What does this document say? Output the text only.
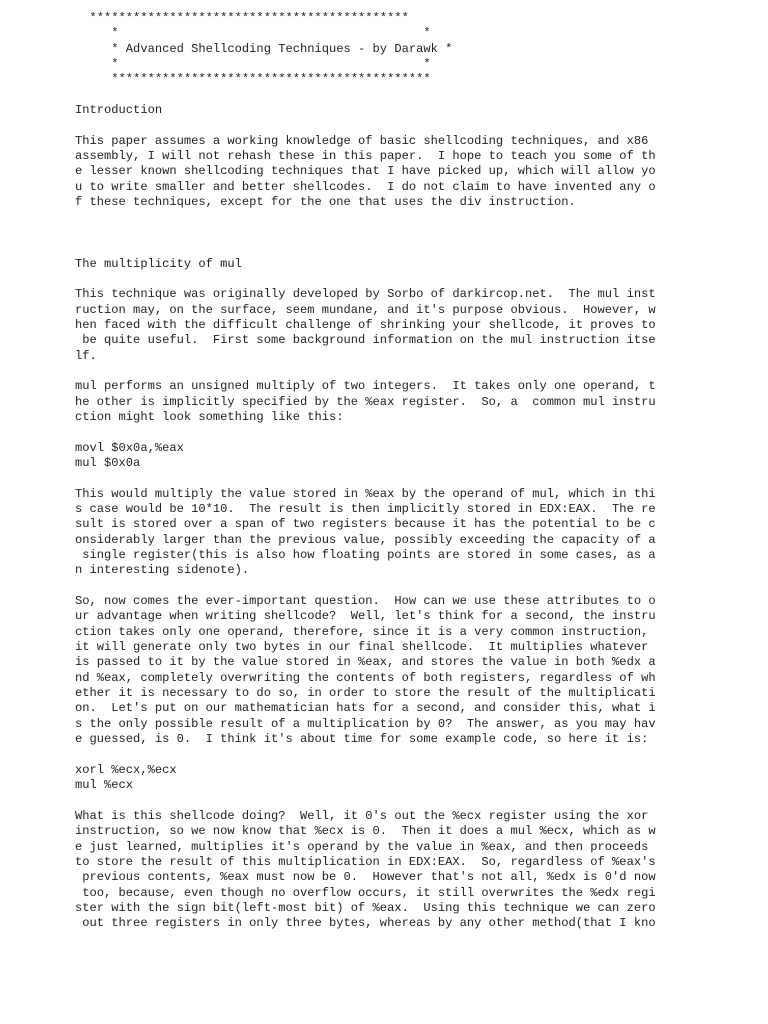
********************************************
*                                          *
* Advanced Shellcoding Techniques - by Darawk *
*                                          *
********************************************
Introduction
This paper assumes a working knowledge of basic shellcoding techniques, and x86
assembly, I will not rehash these in this paper.  I hope to teach you some of th
e lesser known shellcoding techniques that I have picked up, which will allow yo
u to write smaller and better shellcodes.  I do not claim to have invented any o
f these techniques, except for the one that uses the div instruction.
The multiplicity of mul
This technique was originally developed by Sorbo of darkircop.net.  The mul inst
ruction may, on the surface, seem mundane, and it's purpose obvious.  However, w
hen faced with the difficult challenge of shrinking your shellcode, it proves to
be quite useful.  First some background information on the mul instruction itse
lf.
mul performs an unsigned multiply of two integers.  It takes only one operand, t
he other is implicitly specified by the %eax register.  So, a  common mul instru
ction might look something like this:
movl $0x0a,%eax
mul $0x0a
This would multiply the value stored in %eax by the operand of mul, which in thi
s case would be 10*10.  The result is then implicitly stored in EDX:EAX.  The re
sult is stored over a span of two registers because it has the potential to be c
onsiderably larger than the previous value, possibly exceeding the capacity of a
single register(this is also how floating points are stored in some cases, as a
n interesting sidenote).
So, now comes the ever-important question.  How can we use these attributes to o
ur advantage when writing shellcode?  Well, let's think for a second, the instru
ction takes only one operand, therefore, since it is a very common instruction,
it will generate only two bytes in our final shellcode.  It multiplies whatever
is passed to it by the value stored in %eax, and stores the value in both %edx a
nd %eax, completely overwriting the contents of both registers, regardless of wh
ether it is necessary to do so, in order to store the result of the multiplicati
on.  Let's put on our mathematician hats for a second, and consider this, what i
s the only possible result of a multiplication by 0?  The answer, as you may hav
e guessed, is 0.  I think it's about time for some example code, so here it is:
xorl %ecx,%ecx
mul %ecx
What is this shellcode doing?  Well, it 0's out the %ecx register using the xor
instruction, so we now know that %ecx is 0.  Then it does a mul %ecx, which as w
e just learned, multiplies it's operand by the value in %eax, and then proceeds
to store the result of this multiplication in EDX:EAX.  So, regardless of %eax's
previous contents, %eax must now be 0.  However that's not all, %edx is 0'd now
too, because, even though no overflow occurs, it still overwrites the %edx regi
ster with the sign bit(left-most bit) of %eax.  Using this technique we can zero
out three registers in only three bytes, whereas by any other method(that I kno
